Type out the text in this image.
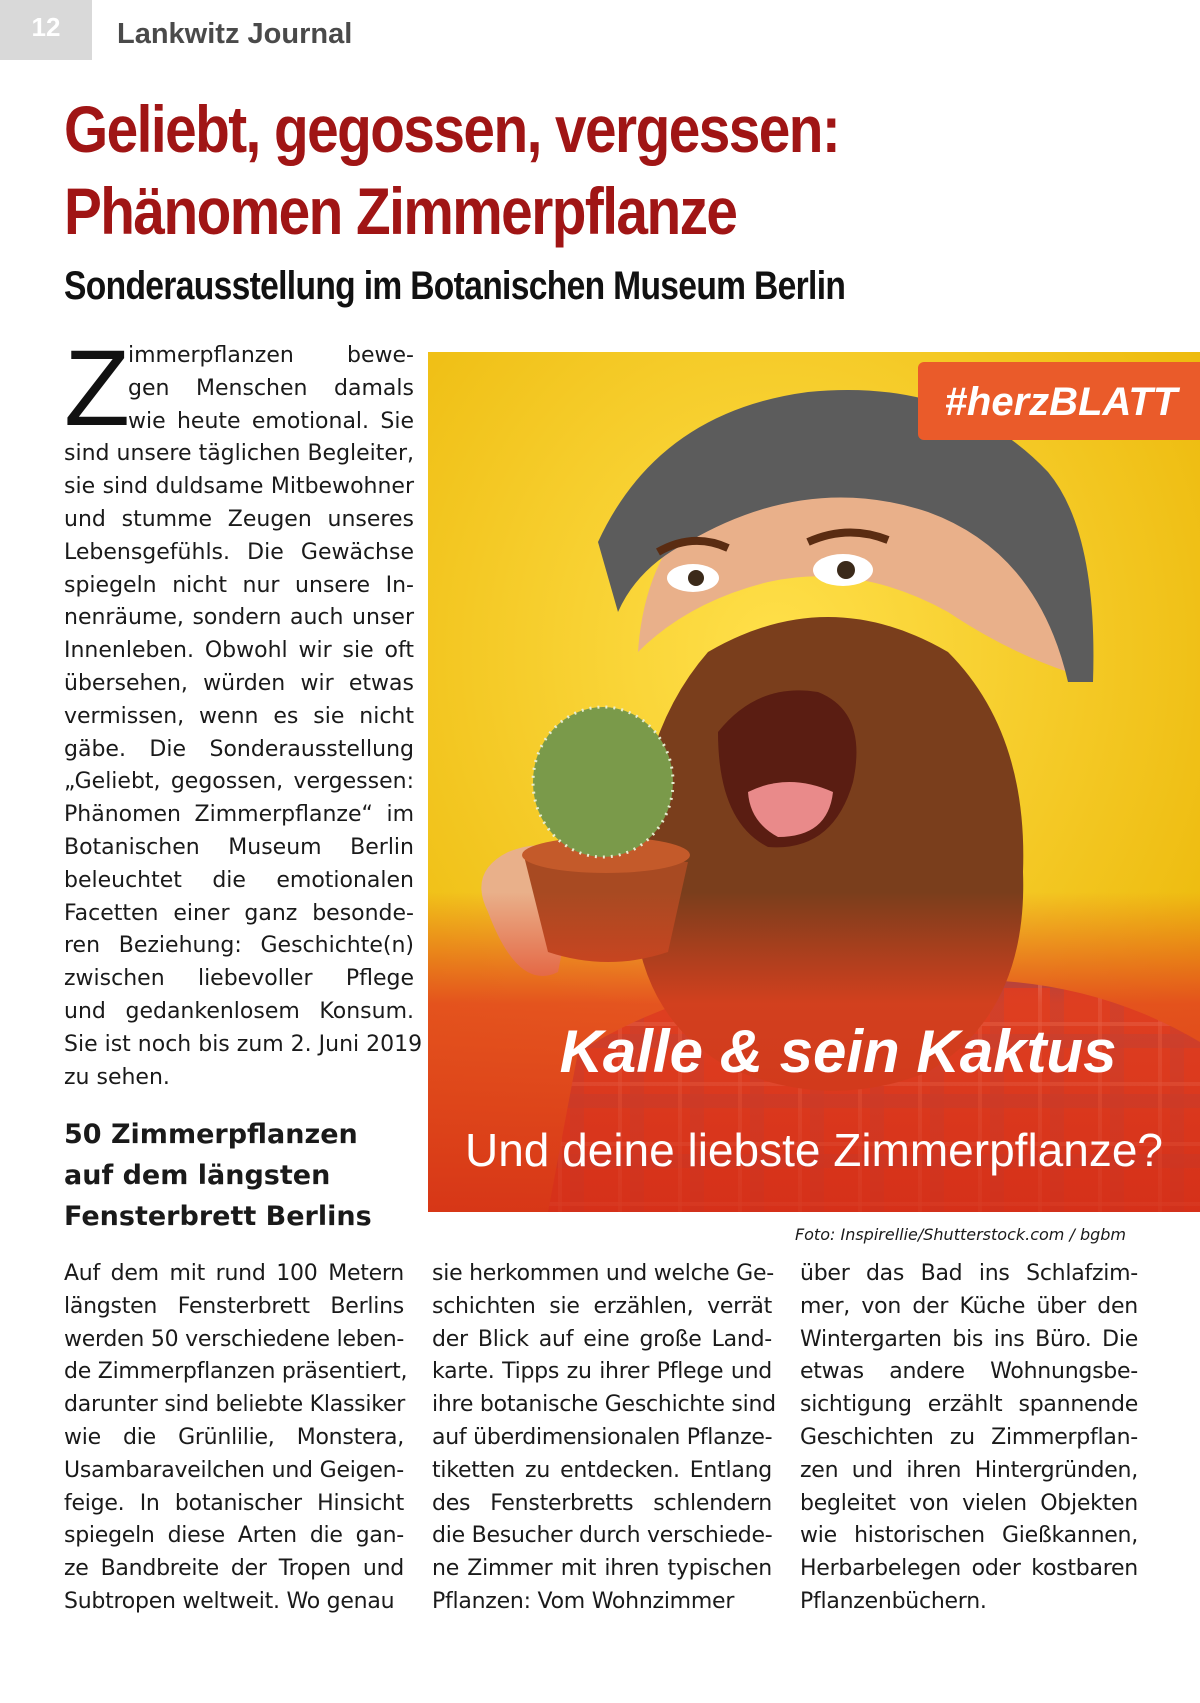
12	Lankwitz Journal
Geliebt, gegossen, vergessen:
Phänomen Zimmerpflanze
Sonderausstellung im Botanischen Museum Berlin
Z
immerpflanzen bewe-
gen Menschen damals
wie heute emotional. Sie
sind unsere täglichen Begleiter,
sie sind duldsame Mitbewohner
und stumme Zeugen unseres
Lebensgefühls. Die Gewächse
spiegeln nicht nur unsere In-
nenräume, sondern auch unser
Innenleben. Obwohl wir sie oft
übersehen, würden wir etwas
vermissen, wenn es sie nicht
gäbe. Die Sonderausstellung
„Geliebt, gegossen, vergessen:
Phänomen Zimmerpflanze“ im
Botanischen Museum Berlin
beleuchtet die emotionalen
Facetten einer ganz besonde-
ren Beziehung: Geschichte(n)
zwischen liebevoller Pflege
und gedankenlosem Konsum.
Sie ist noch bis zum 2. Juni 2019
zu sehen.
50 Zimmerpflanzen
auf dem längsten
Fensterbrett Berlins
Auf dem mit rund 100 Metern
längsten Fensterbrett Berlins
werden 50 verschiedene leben-
de Zimmerpflanzen präsentiert,
darunter sind beliebte Klassiker
wie die Grünlilie, Monstera,
Usambaraveilchen und Geigen-
feige. In botanischer Hinsicht
spiegeln diese Arten die gan-
ze Bandbreite der Tropen und
Subtropen weltweit. Wo genau
sie herkommen und welche Ge-
schichten sie erzählen, verrät
der Blick auf eine große Land-
karte. Tipps zu ihrer Pflege und
ihre botanische Geschichte sind
auf überdimensionalen Pflanze-
tiketten zu entdecken. Entlang
des Fensterbretts schlendern
die Besucher durch verschiede-
ne Zimmer mit ihren typischen
Pflanzen: Vom Wohnzimmer
über das Bad ins Schlafzim-
mer, von der Küche über den
Wintergarten bis ins Büro. Die
etwas andere Wohnungsbe-
sichtigung erzählt spannende
Geschichten zu Zimmerpflan-
zen und ihren Hintergründen,
begleitet von vielen Objekten
wie historischen Gießkannen,
Herbarbelegen oder kostbaren
Pflanzenbüchern.
#herzBLATT
Kalle & sein Kaktus
Und deine liebste Zimmerpflanze?
Foto: Inspirellie/Shutterstock.com / bgbm
